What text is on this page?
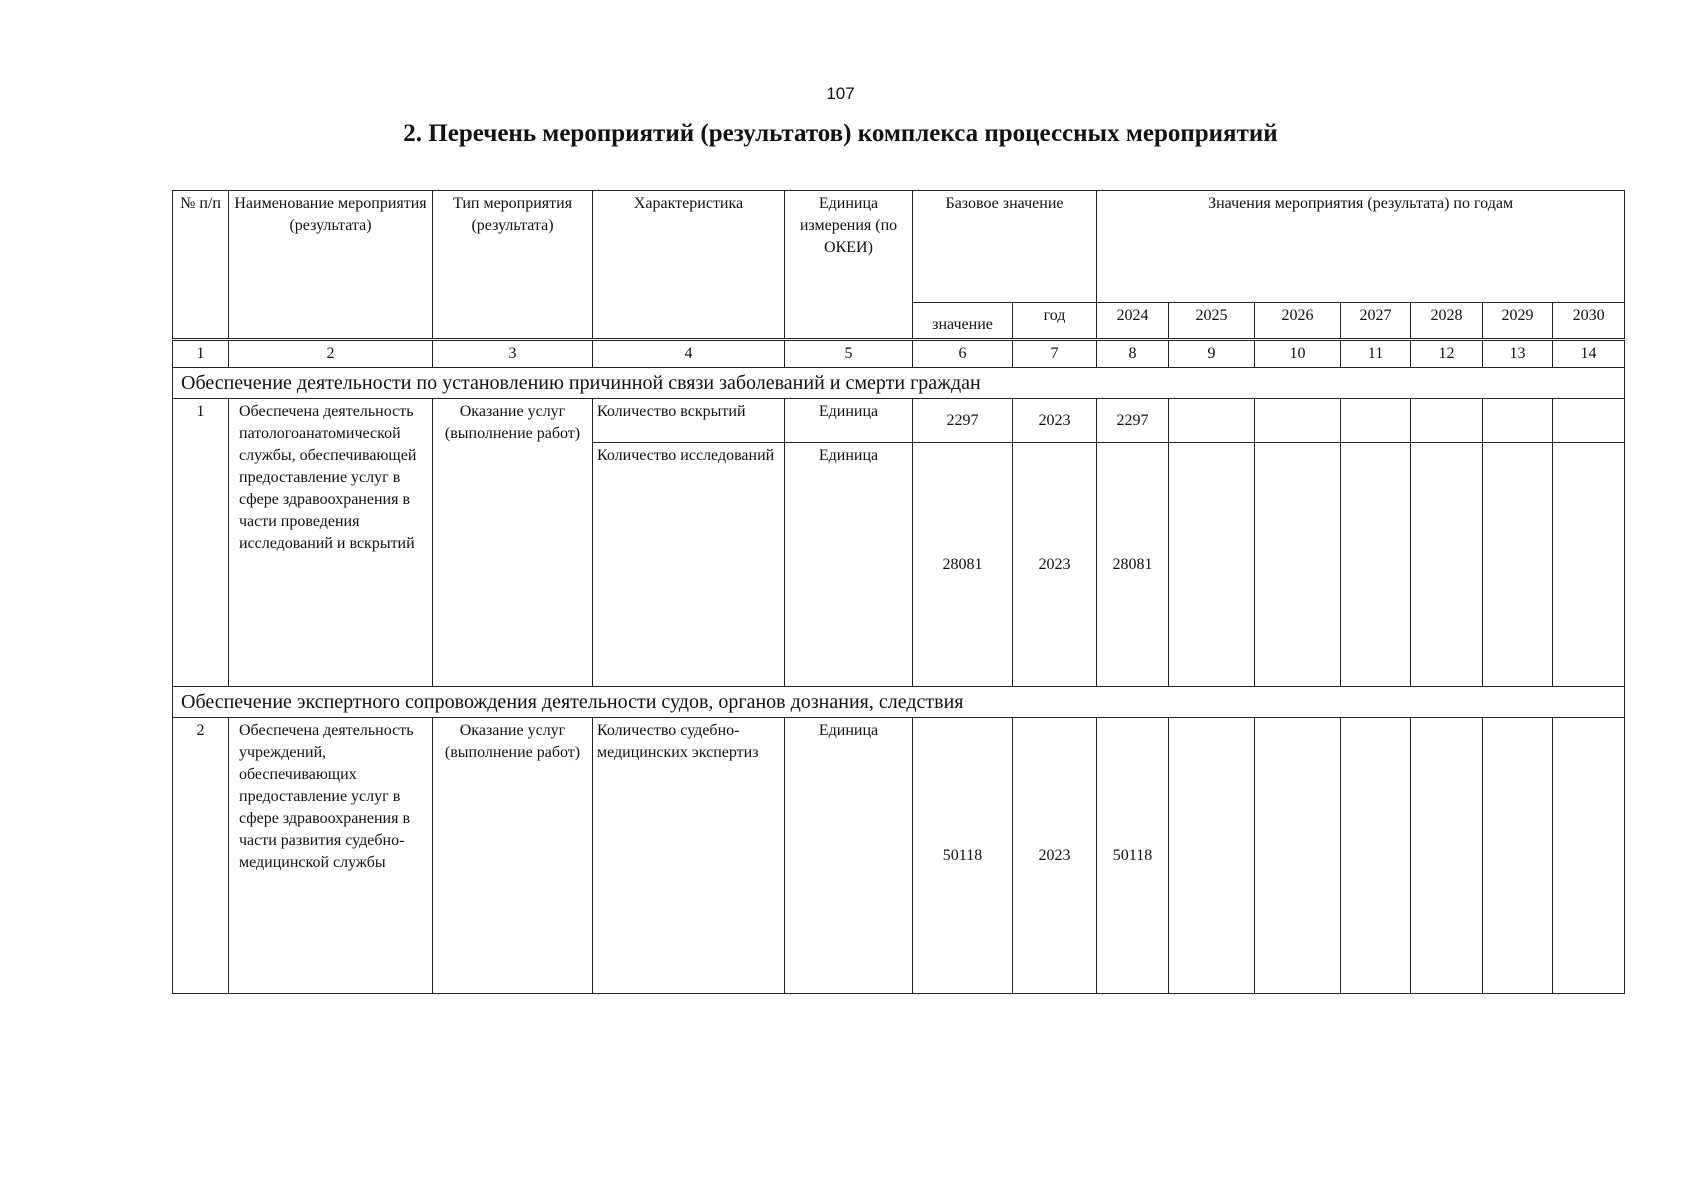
107
2. Перечень мероприятий (результатов) комплекса процессных мероприятий
№ п/п	Наименование мероприятия (результата)	Тип мероприятия (результата)	Характеристика	Единица измерения (по ОКЕИ)	Базовое значение		Значения мероприятия (результата) по годам						
					значение	год	2024	2025	2026	2027	2028	2029	2030
1	2	3	4	5	6	7	8	9	10	11	12	13	14
Обеспечение деятельности по установлению причинной связи заболеваний и смерти граждан													
1	Обеспечена деятельность патологоанатомической службы, обеспечивающей предоставление услуг в сфере здравоохранения в части проведения исследований и вскрытий	Оказание услуг (выполнение работ)	Количество вскрытий	Единица	2297	2023	2297						
			Количество исследований	Единица	28081	2023	28081						
Обеспечение экспертного сопровождения деятельности судов, органов дознания, следствия													
2	Обеспечена деятельность учреждений, обеспечивающих предоставление услуг в сфере здравоохранения в части развития судебно-медицинской службы	Оказание услуг (выполнение работ)	Количество судебно-медицинских экспертиз	Единица	50118	2023	50118						
